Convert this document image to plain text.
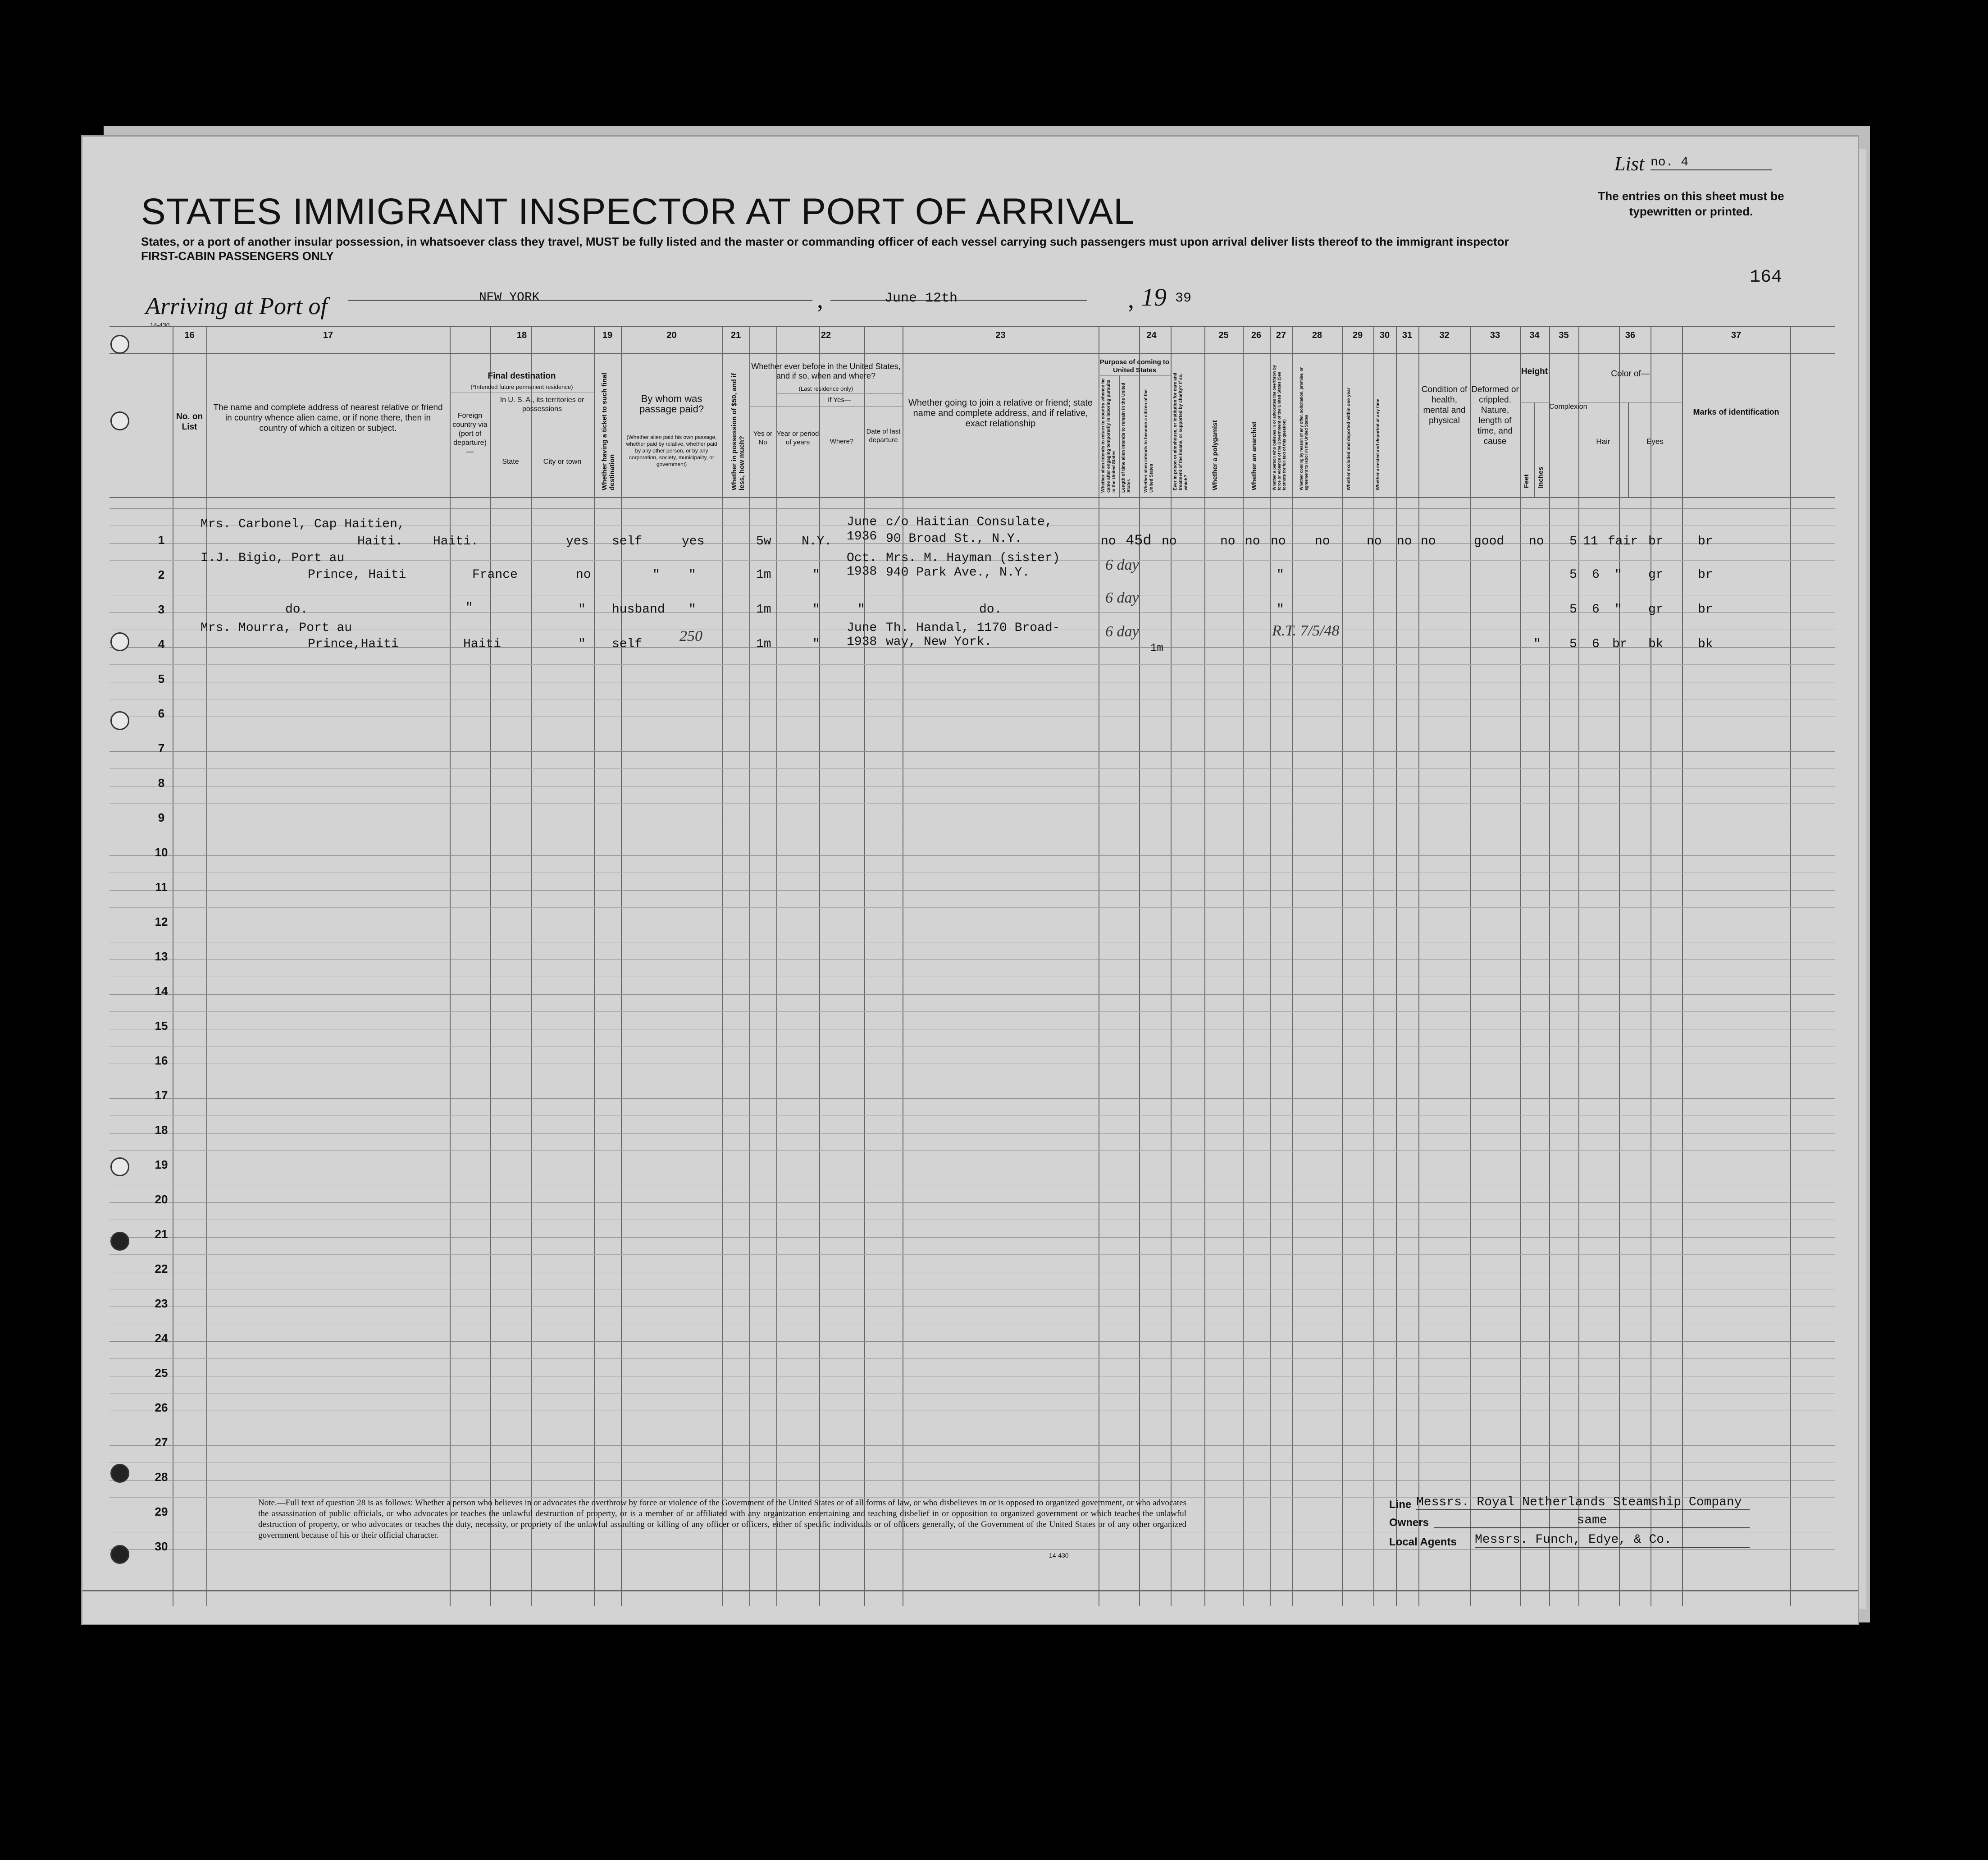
List no. 4
The entries on this sheet must be typewritten or printed.
STATES IMMIGRANT INSPECTOR AT PORT OF ARRIVAL
States, or a port of another insular possession, in whatsoever class they travel, MUST be fully listed and the master or commanding officer of each vessel carrying such passengers must upon arrival deliver lists thereof to the immigrant inspector
FIRST-CABIN PASSENGERS ONLY
164
Arriving at Port of	NEW YORK	,	June 12th	, 19 39
14-430
16	17	18	19	20	21	22	23	24	25	26	27	28	29	30	31	32	33	34	35	36	37
No. on List
The name and complete address of nearest relative or friend in country whence alien came, or if none there, then in country of which a citizen or subject.
Final destination
(*Intended future permanent residence)
Foreign country via (port of departure)—
In U. S. A., its territories or possessions
State	City or town	Whether having a ticket to such final destination
By whom was passage paid?
(Whether alien paid his own passage, whether paid by relative, whether paid by any other person, or by any corporation, society, municipality, or government)	Whether in possession of $50, and if less, how much?
Whether ever before in the United States, and if so, when and where?
(Last residence only)
If Yes—
Yes or No
Year or period of years	Where?
Date of last departure
Whether going to join a relative or friend; state name and complete address, and if relative, exact relationship
Purpose of coming to United States
Whether alien intends to return to country whence he came after engaging temporarily in laboring pursuits in the United States Length of time alien intends to remain in the United States	Whether alien intends to become a citizen of the United States	Ever in prison or almshouse, or institution for care and treatment of the insane, or supported by charity? If so, which?	Whether a polygamist	Whether an anarchist	Whether a person who believes in or advocates the overthrow by force or violence of the Government of the United States (See footnote for full text of this question)	Whether coming by reason of any offer, solicitation, promise, or agreement to labor in the United States	Whether excluded and deported within one year	Whether arrested and deported at any time
Condition of health, mental and physical
Deformed or crippled. Nature, length of time, and cause
Height
Feet Inches
Complexion
Color of—
Hair	Eyes
Marks of identification
1
2
3
4
5
6
7
8
9
10
11
12
13
14
15
16
17
18
19
20
21
22
23
24
25
26
27
28
29
30
Mrs. Carbonel, Cap Haitien,
Haiti. Haiti.	yes self	yes	5w N.Y.
June
1936
c/o Haitian Consulate,
90 Broad St., N.Y.	no 45d no	no no no no	no no no	good no 5 11 fair br	br
I.J. Bigio, Port au
Prince, Haiti	France	no	" "	1m	"
Oct.
1938
Mrs. M. Hayman (sister)
940 Park Ave., N.Y.	6 day
"	5 6 " gr	br
do.	"	" husband "	1m	"	"	do.
6 day
"	5 6 " gr	br
Mrs. Mourra, Port au
Prince,Haiti	Haiti	" self 250	1m	"
June
1938
Th. Handal, 1170 Broad-
way, New York.
6 day
1m
R.T. 7/5/48
" 5 6 br bk	bk
Note.—Full text of question 28 is as follows: Whether a person who believes in or advocates the overthrow by force or violence of the Government of the United States or of all forms of law, or who disbelieves in or is opposed to organized government, or who advocates the assassination of public officials, or who advocates or teaches the unlawful destruction of property, or is a member of or affiliated with any organization entertaining and teaching disbelief in or opposition to organized government or which teaches the unlawful destruction of property, or who advocates or teaches the duty, necessity, or propriety of the unlawful assaulting or killing of any officer or officers, either of specific individuals or of officers generally, of the Government of the United States or of any other organized government because of his or their official character.
14-430
Line Messrs. Royal Netherlands Steamship Company
Owners	same
Local Agents Messrs. Funch, Edye, & Co.
